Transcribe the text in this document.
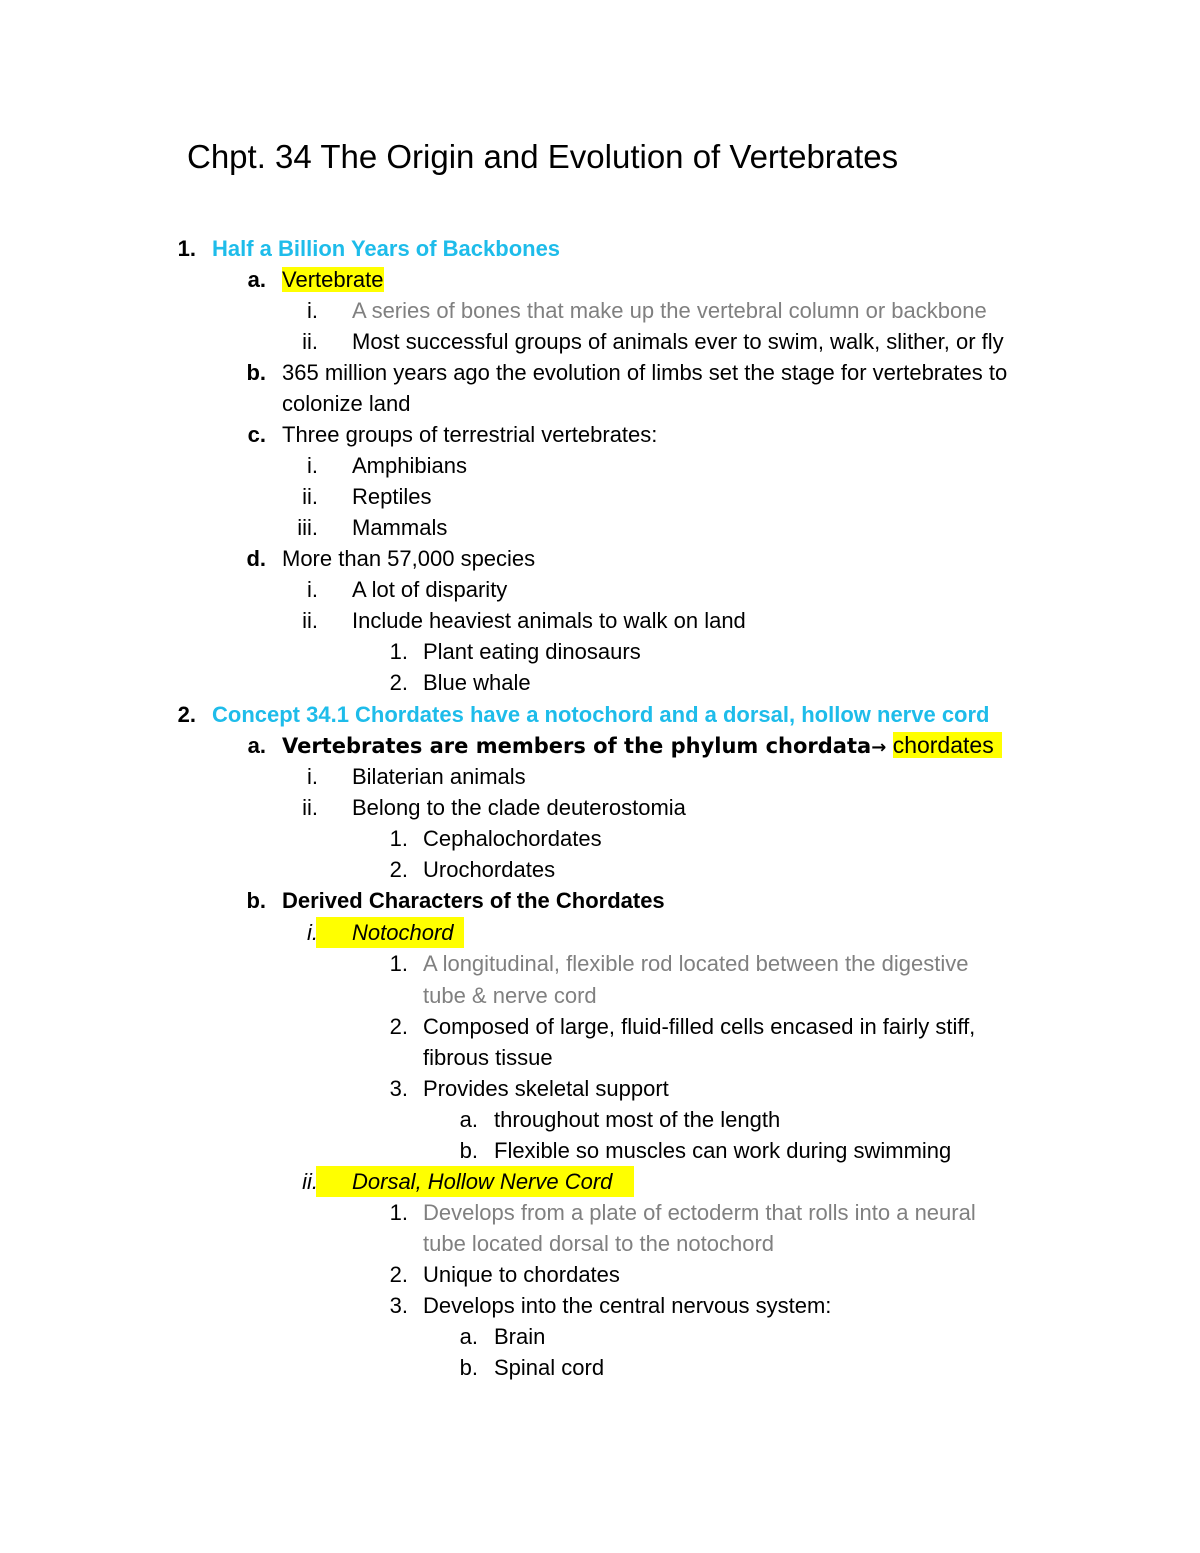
Chpt. 34 The Origin and Evolution of Vertebrates
1. Half a Billion Years of Backbones
a. Vertebrate
i. A series of bones that make up the vertebral column or backbone
ii. Most successful groups of animals ever to swim, walk, slither, or fly
b. 365 million years ago the evolution of limbs set the stage for vertebrates to
colonize land
c. Three groups of terrestrial vertebrates:
i. Amphibians
ii. Reptiles
iii. Mammals
d. More than 57,000 species
i. A lot of disparity
ii. Include heaviest animals to walk on land
1. Plant eating dinosaurs
2. Blue whale
2. Concept 34.1 Chordates have a notochord and a dorsal, hollow nerve cord
a. Vertebrates are members of the phylum chordata→ chordates
i. Bilaterian animals
ii. Belong to the clade deuterostomia
1. Cephalochordates
2. Urochordates
b. Derived Characters of the Chordates
i. Notochord
1. A longitudinal, flexible rod located between the digestive
tube & nerve cord
2. Composed of large, fluid-filled cells encased in fairly stiff,
fibrous tissue
3. Provides skeletal support
a. throughout most of the length
b. Flexible so muscles can work during swimming
ii. Dorsal, Hollow Nerve Cord
1. Develops from a plate of ectoderm that rolls into a neural
tube located dorsal to the notochord
2. Unique to chordates
3. Develops into the central nervous system:
a. Brain
b. Spinal cord
